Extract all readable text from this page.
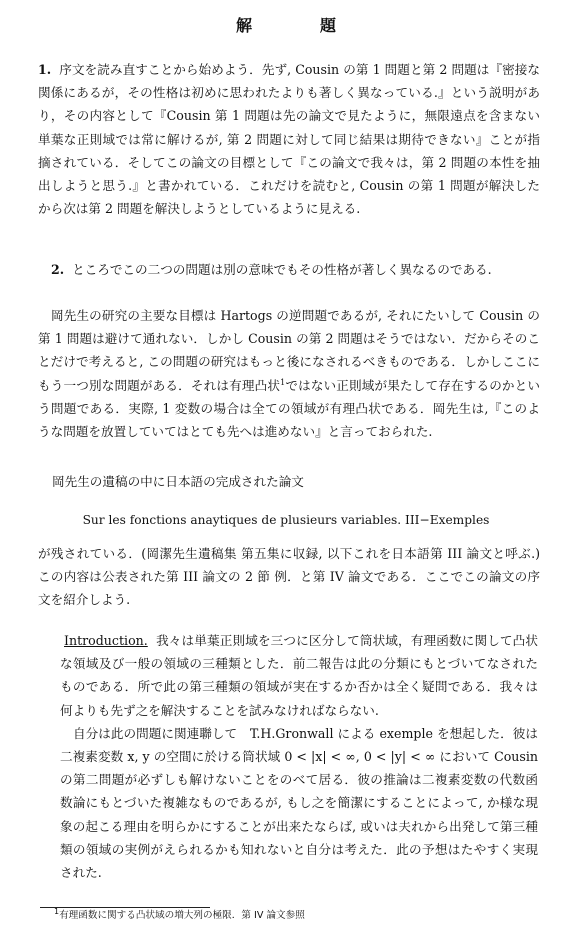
解　題
1. 序文を読み直すことから始めよう．先ず, Cousin の第 1 問題と第 2 問題は『密接な関係にあるが，その性格は初めに思われたよりも著しく異なっている.』という説明があり，その内容として『Cousin 第 1 問題は先の論文で見たように，無限遠点を含まない単葉な正則域では常に解けるが, 第 2 問題に対して同じ結果は期待できない』ことが指摘されている．そしてこの論文の目標として『この論文で我々は，第 2 問題の本性を抽出しようと思う.』と書かれている．これだけを読むと, Cousin の第 1 問題が解決したから次は第 2 問題を解決しようとしているように見える.
2. ところでこの二つの問題は別の意味でもその性格が著しく異なるのである.
岡先生の研究の主要な目標は Hartogs の逆問題であるが, それにたいして Cousin の第 1 問題は避けて通れない．しかし Cousin の第 2 問題はそうではない．だからそのことだけで考えると, この問題の研究はもっと後になされるべきものである．しかしここにもう一つ別な問題がある．それは有理凸状$^1$ではない正則域が果たして存在するのかという問題である．実際, 1 変数の場合は全ての領域が有理凸状である．岡先生は,『このような問題を放置していてはとても先へは進めない』と言っておられた.
岡先生の遺稿の中に日本語の完成された論文
Sur les fonctions anaytiques de plusieurs variables. III−Exemples
が残されている．(岡潔先生遺稿集 第五集に収録, 以下これを日本語第 III 論文と呼ぶ.) この内容は公表された第 III 論文の 2 節 例．と第 IV 論文である．ここでこの論文の序文を紹介しよう.
Introduction. 我々は単葉正則域を三つに区分して筒状域，有理函数に関して凸状な領域及び一般の領域の三種類とした．前二報告は此の分類にもとづいてなされたものである．所で此の第三種類の領域が実在するか否かは全く疑問である．我々は何よりも先ず之を解決することを試みなければならない.
自分は此の問題に関連聯して　T.H.Gronwall による exemple を想起した．彼は二複素変数 x, y の空間に於ける筒状域 0 < |x| < ∞, 0 < |y| < ∞ において Cousin の第二問題が必ずしも解けないことをのべて居る．彼の推論は二複素変数の代数函数論にもとづいた複雑なものであるが, もし之を簡潔にすることによって, か様な現象の起こる理由を明らかにすることが出来たならば, 或いは夫れから出発して第三種類の領域の実例がえられるかも知れないと自分は考えた．此の予想はたやすく実現された.
$^1$有理函数に関する凸状域の増大列の極限．第 IV 論文参照
